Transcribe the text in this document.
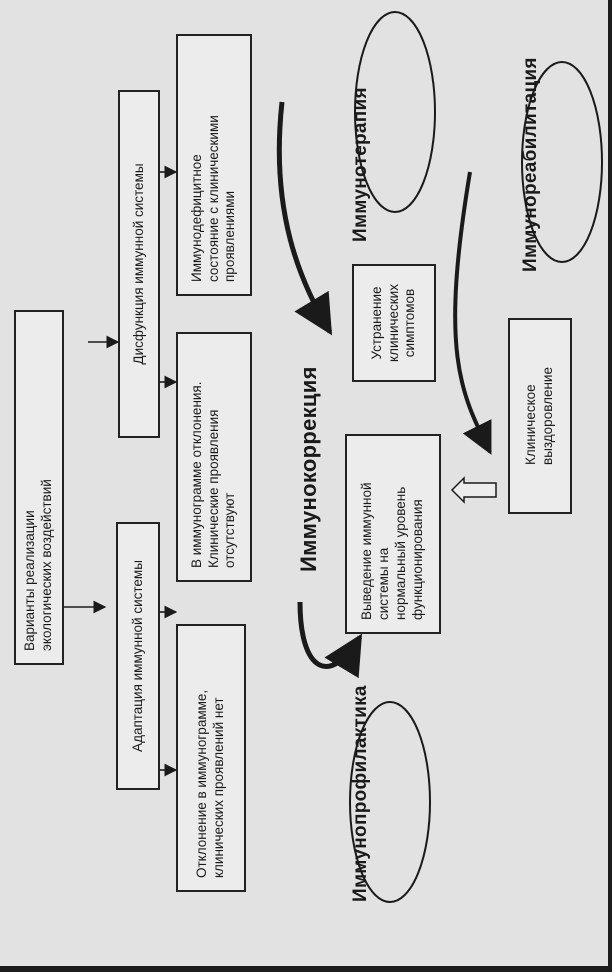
Варианты реализации
экологических воздействий
Адаптация иммунной системы
Дисфункция иммунной системы
Отклонение в иммунограмме,
клинических проявлений нет
В иммунограмме отклонения.
Клинические проявления
отсутствуют
Иммунодефицитное
состояние с клиническими
проявлениями
Выведение иммунной
системы на
нормальный уровень
функционирования
Устранение
клинических
симптомов
Клиническое
выздоровление
Иммунопрофилактика
Иммунокоррекция
Иммунотерапия	Иммунореабилитация
